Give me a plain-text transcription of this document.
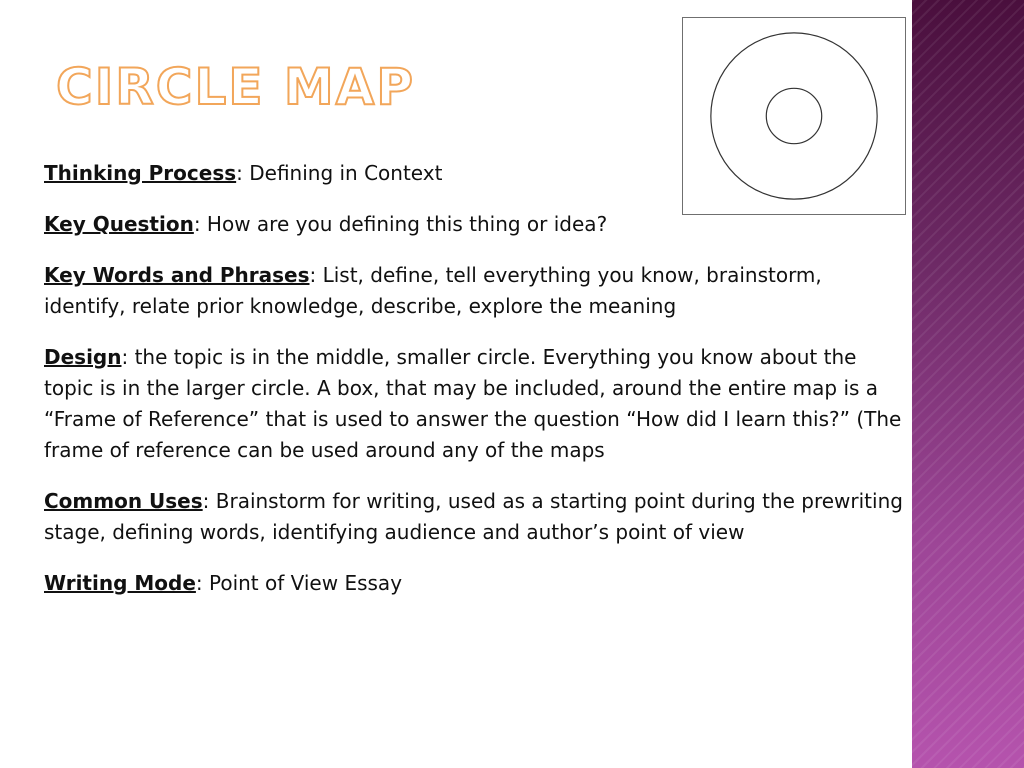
CIRCLE MAP

Thinking Process: Defining in Context

Key Question: How are you defining this thing or idea?

Key Words and Phrases: List, define, tell everything you know, brainstorm, identify, relate prior knowledge, describe, explore the meaning

Design: the topic is in the middle, smaller circle. Everything you know about the topic is in the larger circle. A box, that may be included, around the entire map is a “Frame of Reference” that is used to answer the question “How did I learn this?” (The frame of reference can be used around any of the maps

Common Uses: Brainstorm for writing, used as a starting point during the prewriting stage, defining words, identifying audience and author’s point of view

Writing Mode: Point of View Essay
